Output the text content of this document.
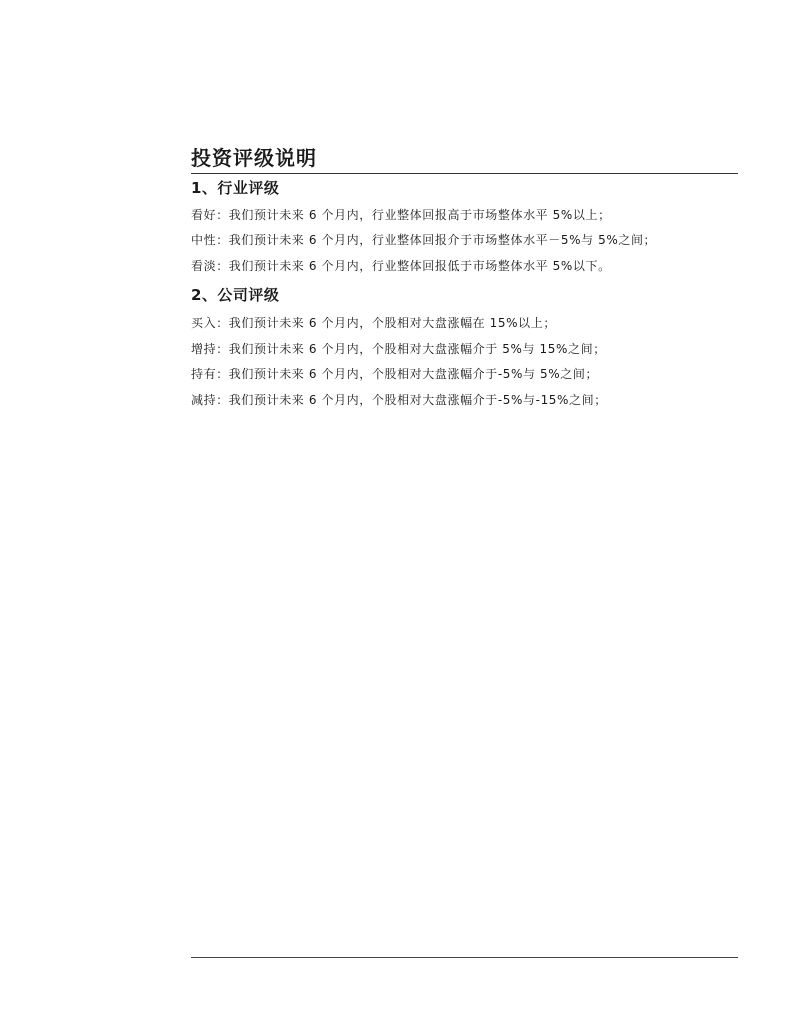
投资评级说明
1、行业评级
看好：我们预计未来 6 个月内，行业整体回报高于市场整体水平 5%以上；
中性：我们预计未来 6 个月内，行业整体回报介于市场整体水平－5%与 5%之间；
看淡：我们预计未来 6 个月内，行业整体回报低于市场整体水平 5%以下。
2、公司评级
买入：我们预计未来 6 个月内，个股相对大盘涨幅在 15%以上；
增持：我们预计未来 6 个月内，个股相对大盘涨幅介于 5%与 15%之间；
持有：我们预计未来 6 个月内，个股相对大盘涨幅介于-5%与 5%之间；
减持：我们预计未来 6 个月内，个股相对大盘涨幅介于-5%与-15%之间；
